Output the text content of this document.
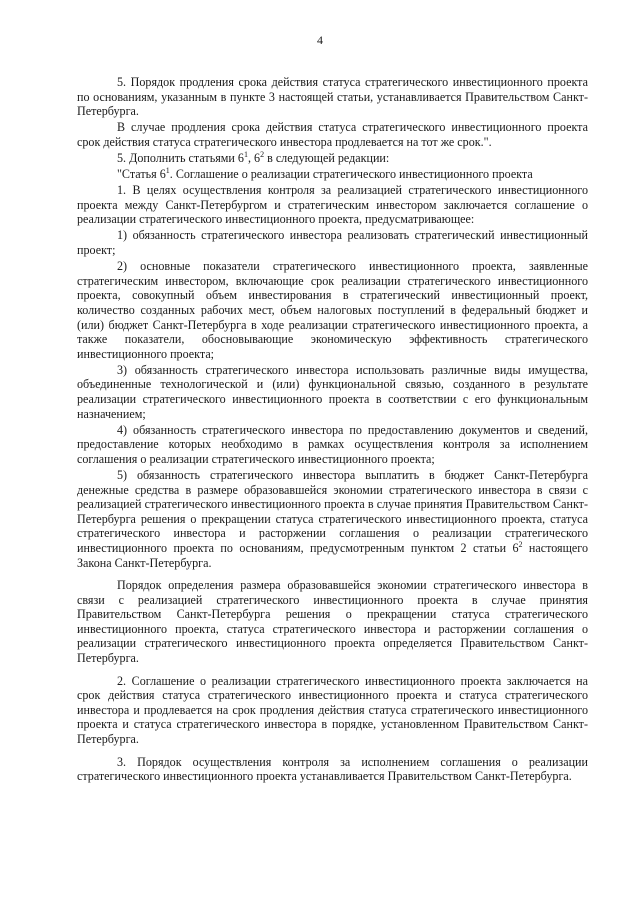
4

5. Порядок продления срока действия статуса стратегического инвестиционного проекта по основаниям, указанным в пункте 3 настоящей статьи, устанавливается Правительством Санкт-Петербурга.

В случае продления срока действия статуса стратегического инвестиционного проекта срок действия статуса стратегического инвестора продлевается на тот же срок.".

5. Дополнить статьями $6^1$, $6^2$ в следующей редакции:

"Статья $6^1$. Соглашение о реализации стратегического инвестиционного проекта

1. В целях осуществления контроля за реализацией стратегического инвестиционного проекта между Санкт-Петербургом и стратегическим инвестором заключается соглашение о реализации стратегического инвестиционного проекта, предусматривающее:

1) обязанность стратегического инвестора реализовать стратегический инвестиционный проект;

2) основные показатели стратегического инвестиционного проекта, заявленные стратегическим инвестором, включающие срок реализации стратегического инвестиционного проекта, совокупный объем инвестирования в стратегический инвестиционный проект, количество созданных рабочих мест, объем налоговых поступлений в федеральный бюджет и (или) бюджет Санкт-Петербурга в ходе реализации стратегического инвестиционного проекта, а также показатели, обосновывающие экономическую эффективность стратегического инвестиционного проекта;

3) обязанность стратегического инвестора использовать различные виды имущества, объединенные технологической и (или) функциональной связью, созданного в результате реализации стратегического инвестиционного проекта в соответствии с его функциональным назначением;

4) обязанность стратегического инвестора по предоставлению документов и сведений, предоставление которых необходимо в рамках осуществления контроля за исполнением соглашения о реализации стратегического инвестиционного проекта;

5) обязанность стратегического инвестора выплатить в бюджет Санкт-Петербурга денежные средства в размере образовавшейся экономии стратегического инвестора в связи с реализацией стратегического инвестиционного проекта в случае принятия Правительством Санкт-Петербурга решения о прекращении статуса стратегического инвестиционного проекта, статуса стратегического инвестора и расторжении соглашения о реализации стратегического инвестиционного проекта по основаниям, предусмотренным пунктом 2 статьи $6^2$ настоящего Закона Санкт-Петербурга.

Порядок определения размера образовавшейся экономии стратегического инвестора в связи с реализацией стратегического инвестиционного проекта в случае принятия Правительством Санкт-Петербурга решения о прекращении статуса стратегического инвестиционного проекта, статуса стратегического инвестора и расторжении соглашения о реализации стратегического инвестиционного проекта определяется Правительством Санкт-Петербурга.

2. Соглашение о реализации стратегического инвестиционного проекта заключается на срок действия статуса стратегического инвестиционного проекта и статуса стратегического инвестора и продлевается на срок продления действия статуса стратегического инвестиционного проекта и статуса стратегического инвестора в порядке, установленном Правительством Санкт-Петербурга.

3. Порядок осуществления контроля за исполнением соглашения о реализации стратегического инвестиционного проекта устанавливается Правительством Санкт-Петербурга.
